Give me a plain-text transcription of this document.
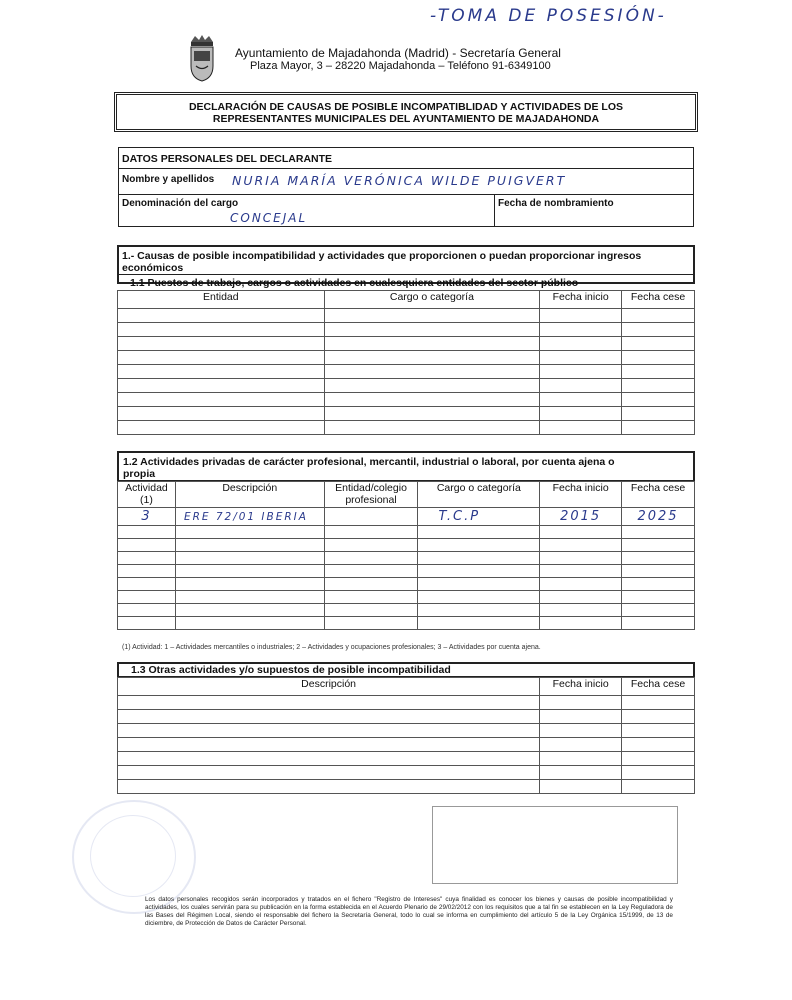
-TOMA DE POSESIÓN-
Ayuntamiento de Majadahonda (Madrid) - Secretaría General
Plaza Mayor, 3 – 28220 Majadahonda – Teléfono 91-6349100
DECLARACIÓN DE CAUSAS DE POSIBLE INCOMPATIBLIDAD Y ACTIVIDADES DE LOS
REPRESENTANTES MUNICIPALES DEL AYUNTAMIENTO DE MAJADAHONDA
DATOS PERSONALES DEL DECLARANTE
Nombre y apellidos NURIA MARÍA VERÓNICA WILDE PUIGVERT
Denominación del cargo
CONCEJAL
Fecha de nombramiento
1.- Causas de posible incompatibilidad y actividades que proporcionen o puedan proporcionar ingresos
económicos
1.1 Puestos de trabajo, cargos o actividades en cualesquiera entidades del sector público
Entidad	Cargo o categoría	Fecha inicio	Fecha cese

1.2 Actividades privadas de carácter profesional, mercantil, industrial o laboral, por cuenta ajena o
propia
Actividad
(1)	Descripción	Entidad/colegio
profesional	Cargo o categoría	Fecha inicio	Fecha cese
3	ERE 72/01 IBERIA		T.C.P	2015	2025

(1) Actividad: 1 – Actividades mercantiles o industriales; 2 – Actividades y ocupaciones profesionales; 3 – Actividades por cuenta ajena.
1.3 Otras actividades y/o supuestos de posible incompatibilidad
Descripción	Fecha inicio	Fecha cese

Los datos personales recogidos serán incorporados y tratados en el fichero "Registro de Intereses" cuya finalidad es conocer los bienes y causas de posible incompatibilidad y actividades, los cuales servirán para su publicación en la forma establecida en el Acuerdo Plenario de 29/02/2012 con los requisitos que a tal fin se establecen en la Ley Reguladora de las Bases del Régimen Local, siendo el responsable del fichero la Secretaría General, todo lo cual se informa en cumplimiento del artículo 5 de la Ley Orgánica 15/1999, de 13 de diciembre, de Protección de Datos de Carácter Personal.
